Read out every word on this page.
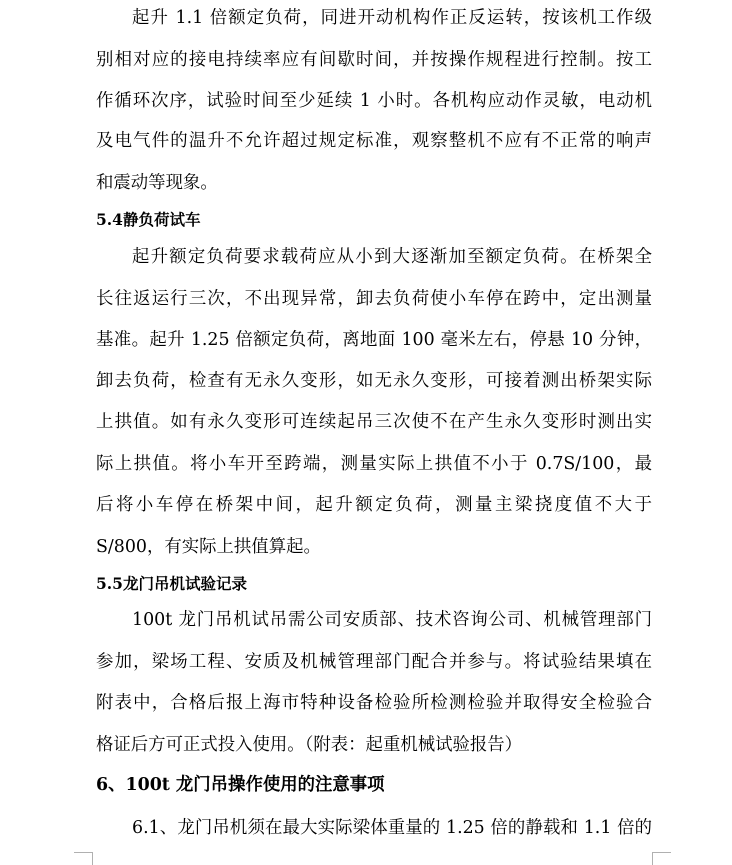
起升 1.1 倍额定负荷，同进开动机构作正反运转，按该机工作级
别相对应的接电持续率应有间歇时间，并按操作规程进行控制。按工
作循环次序，试验时间至少延续 1 小时。各机构应动作灵敏，电动机
及电气件的温升不允许超过规定标准，观察整机不应有不正常的响声
和震动等现象。
5.4静负荷试车
起升额定负荷要求载荷应从小到大逐渐加至额定负荷。在桥架全
长往返运行三次，不出现异常，卸去负荷使小车停在跨中，定出测量
基准。起升 1.25 倍额定负荷，离地面 100 毫米左右，停悬 10 分钟，
卸去负荷，检查有无永久变形，如无永久变形，可接着测出桥架实际
上拱值。如有永久变形可连续起吊三次使不在产生永久变形时测出实
际上拱值。将小车开至跨端，测量实际上拱值不小于 0.7S/100，最
后将小车停在桥架中间，起升额定负荷，测量主梁挠度值不大于
S/800，有实际上拱值算起。
5.5龙门吊机试验记录
100t 龙门吊机试吊需公司安质部、技术咨询公司、机械管理部门
参加，梁场工程、安质及机械管理部门配合并参与。将试验结果填在
附表中，合格后报上海市特种设备检验所检测检验并取得安全检验合
格证后方可正式投入使用。（附表：起重机械试验报告）
6、100t 龙门吊操作使用的注意事项
6.1、龙门吊机须在最大实际梁体重量的 1.25 倍的静载和 1.1 倍的
